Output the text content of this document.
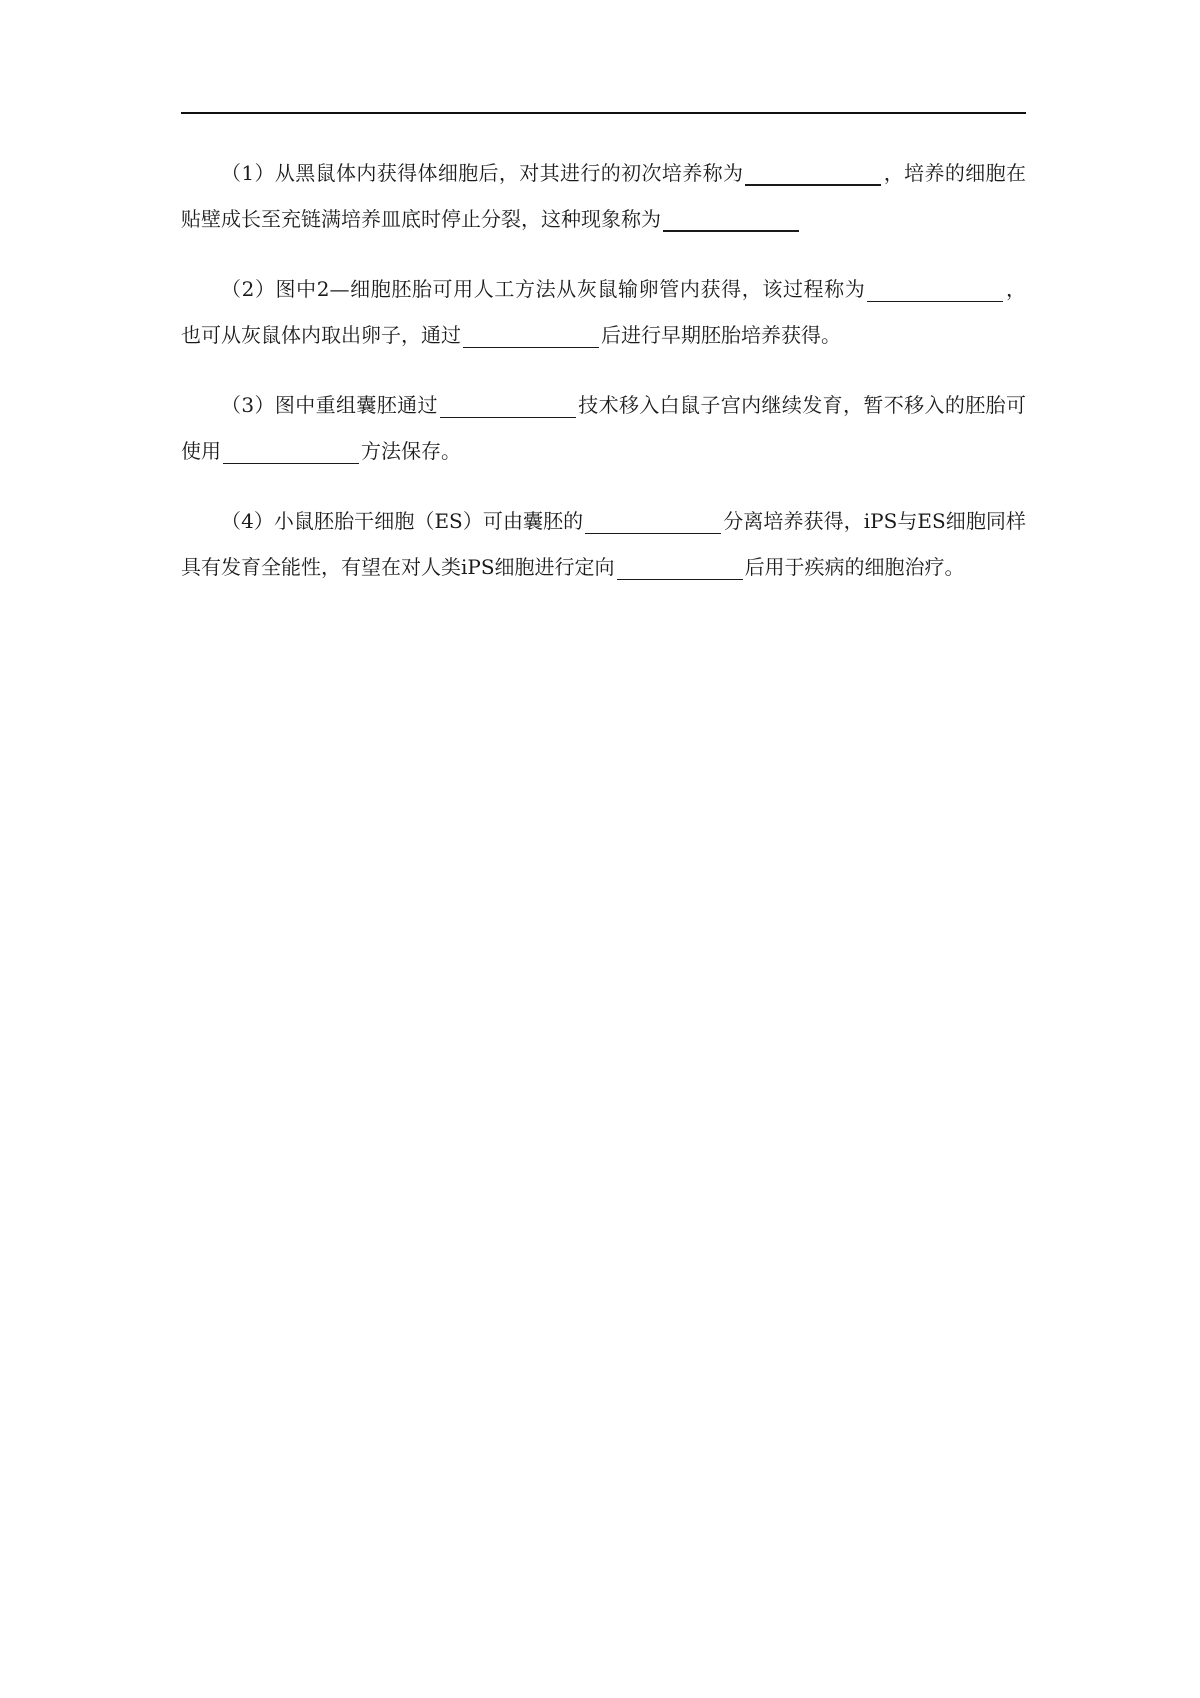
（1）从黑鼠体内获得体细胞后，对其进行的初次培养称为	，培养的细胞在贴壁成长至充链满培养皿底时停止分裂，这种现象称为

（2）图中2—细胞胚胎可用人工方法从灰鼠输卵管内获得，该过程称为	，也可从灰鼠体内取出卵子，通过	后进行早期胚胎培养获得。

（3）图中重组囊胚通过	技术移入白鼠子宫内继续发育，暂不移入的胚胎可使用	方法保存。

（4）小鼠胚胎干细胞（ES）可由囊胚的	分离培养获得，iPS与ES细胞同样具有发育全能性，有望在对人类iPS细胞进行定向	后用于疾病的细胞治疗。
